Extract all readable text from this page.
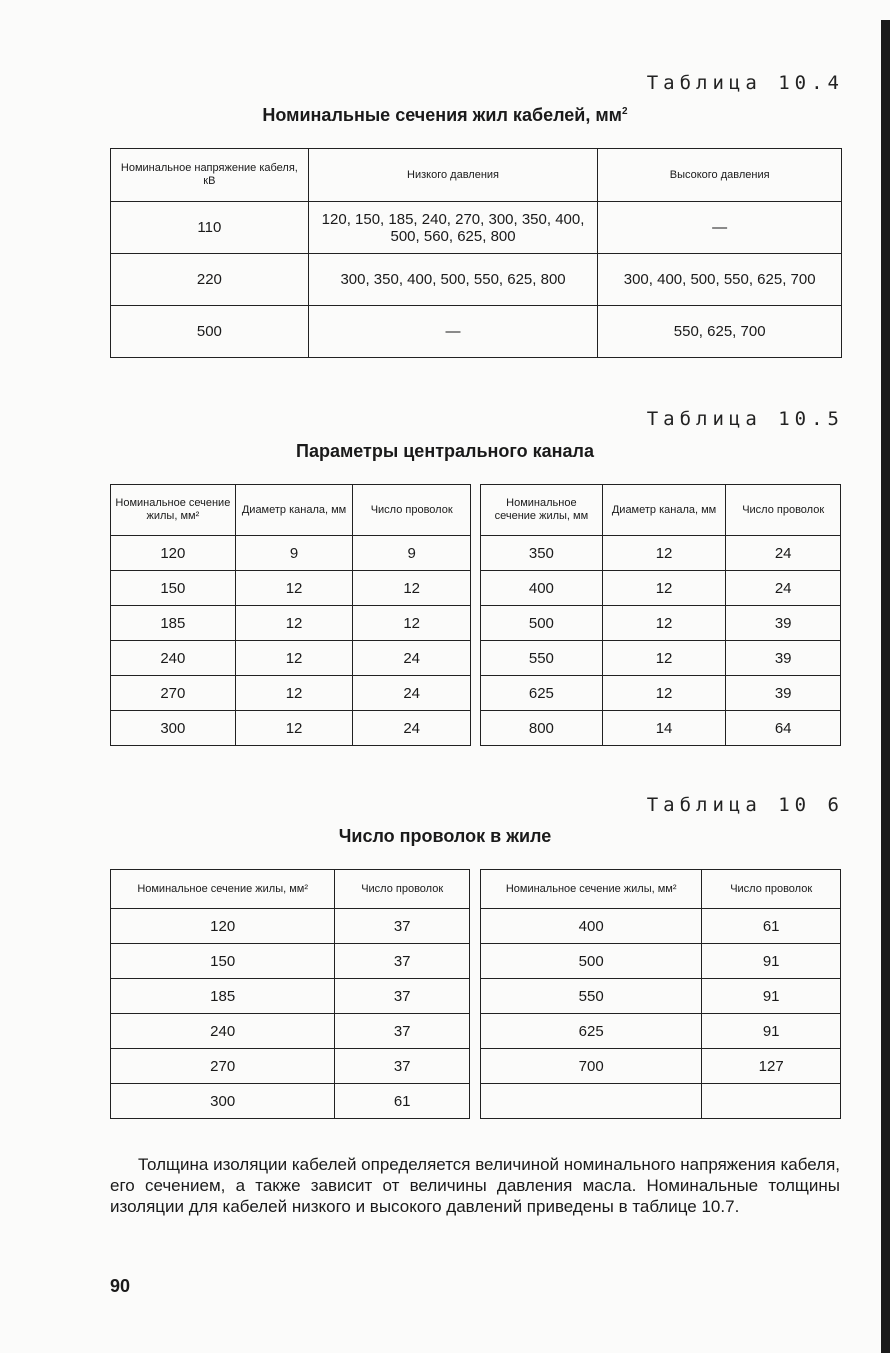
Таблица 10.4
Номинальные сечения жил кабелей, $мм^2$
Номинальное напряжение кабеля, кВ	Низкого давления	Высокого давления
110	120, 150, 185, 240, 270, 300, 350, 400, 500, 560, 625, 800	—
220	300, 350, 400, 500, 550, 625, 800	300, 400, 500, 550, 625, 700
500	—	550, 625, 700
Таблица 10.5
Параметры центрального канала
Номинальное сечение жилы, мм²	Диаметр канала, мм	Число проволок
120	9	9
150	12	12
185	12	12
240	12	24
270	12	24
300	12	24
Номинальное сечение жилы, мм	Диаметр канала, мм	Число проволок
350	12	24
400	12	24
500	12	39
550	12	39
625	12	39
800	14	64
Таблица 10 6
Число проволок в жиле
Номинальное сечение жилы, мм²	Число проволок
120	37
150	37
185	37
240	37
270	37
300	61
Номинальное сечение жилы, мм²	Число проволок
400	61
500	91
550	91
625	91
700	127

Толщина изоляции кабелей определяется величиной номинального напряжения кабеля, его сечением, а также зависит от величины давления масла. Номинальные толщины изоляции для кабелей низкого и высокого давлений приведены в таблице 10.7.
90
